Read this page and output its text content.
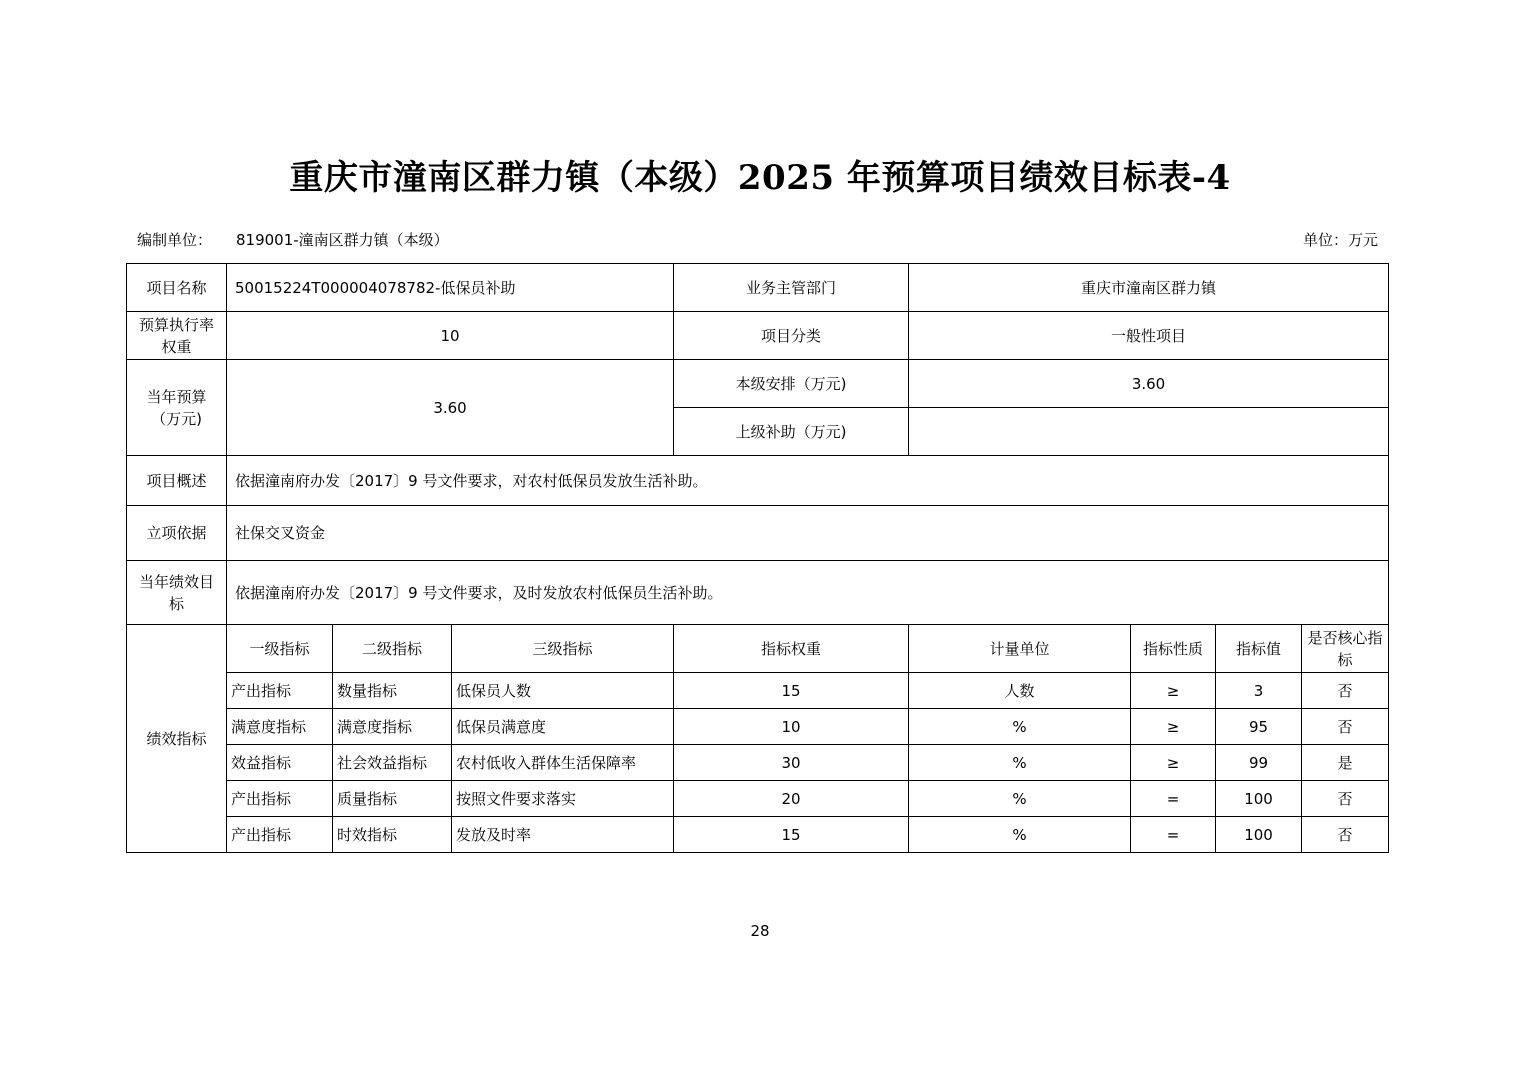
重庆市潼南区群力镇（本级）2025 年预算项目绩效目标表-4
编制单位： 819001-潼南区群力镇（本级）	单位：万元
项目名称	50015224T000004078782-低保员补助			业务主管部门	重庆市潼南区群力镇			
预算执行率权重	10			项目分类	一般性项目			
当年预算（万元)	3.60			本级安排（万元)	3.60			
				上级补助（万元)				
项目概述	依据潼南府办发〔2017〕9 号文件要求，对农村低保员发放生活补助。							
立项依据	社保交叉资金							
当年绩效目标	依据潼南府办发〔2017〕9 号文件要求，及时发放农村低保员生活补助。							
绩效指标	一级指标	二级指标	三级指标	指标权重	计量单位	指标性质	指标值	是否核心指标
	产出指标	数量指标	低保员人数	15	人数	≥	3	否
	满意度指标	满意度指标	低保员满意度	10	%	≥	95	否
	效益指标	社会效益指标	农村低收入群体生活保障率	30	%	≥	99	是
	产出指标	质量指标	按照文件要求落实	20	%	=	100	否
	产出指标	时效指标	发放及时率	15	%	=	100	否
28
